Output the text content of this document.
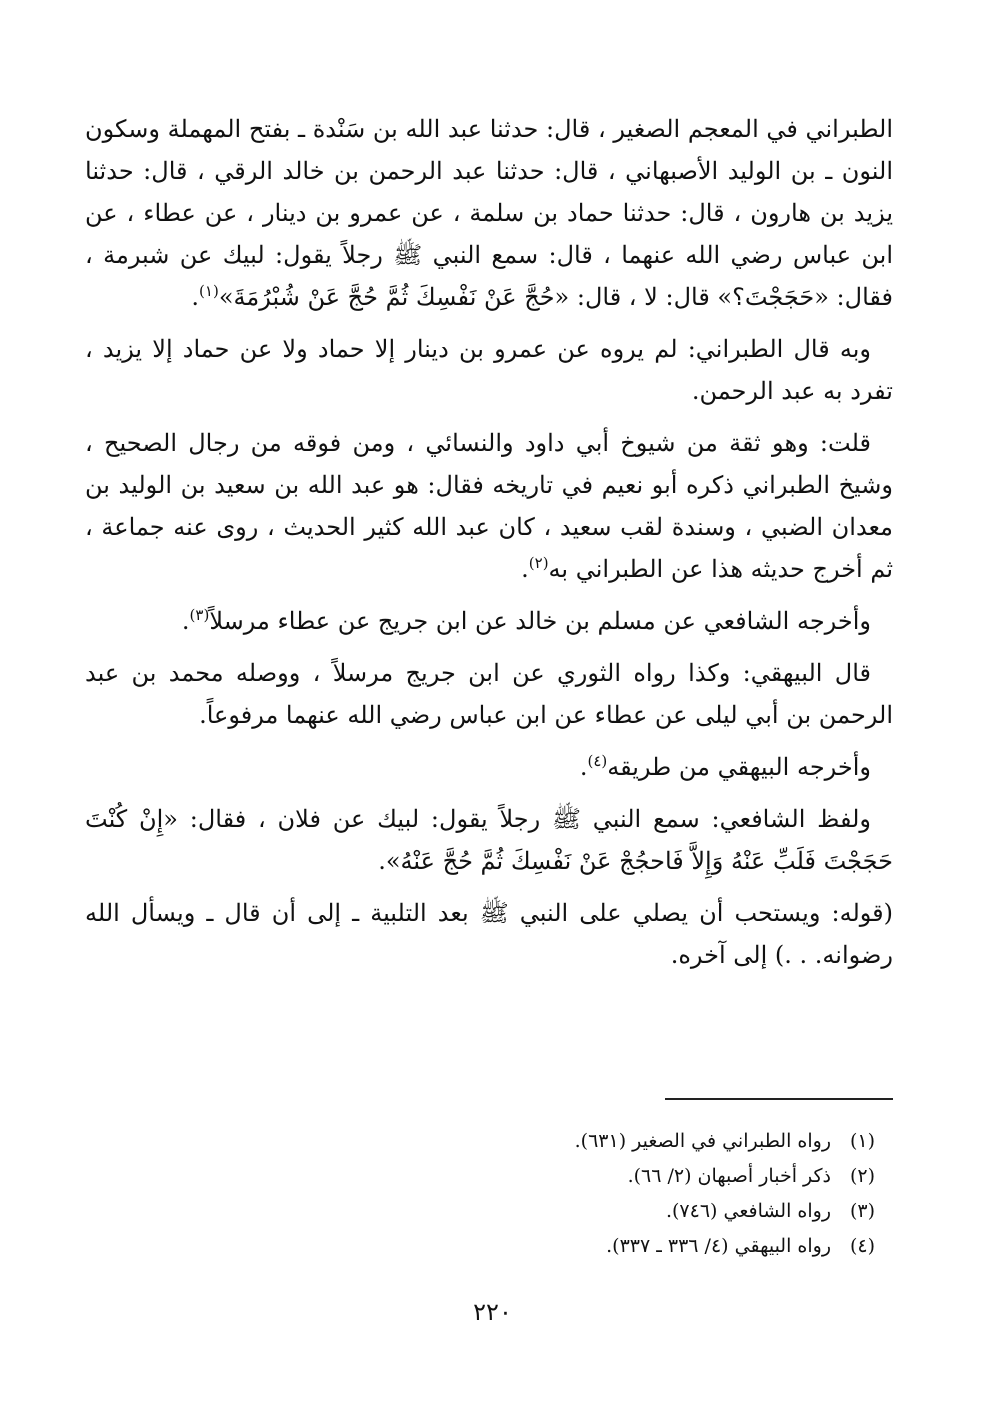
الطبراني في المعجم الصغير ، قال: حدثنا عبد الله بن سَنْدة ـ بفتح المهملة وسكون النون ـ بن الوليد الأصبهاني ، قال: حدثنا عبد الرحمن بن خالد الرقي ، قال: حدثنا يزيد بن هارون ، قال: حدثنا حماد بن سلمة ، عن عمرو بن دينار ، عن عطاء ، عن ابن عباس رضي الله عنهما ، قال: سمع النبي ﷺ رجلاً يقول: لبيك عن شبرمة ، فقال: «حَجَجْتَ؟» قال: لا ، قال: «حُجَّ عَنْ نَفْسِكَ ثُمَّ حُجَّ عَنْ شُبْرُمَةَ»$^{(١)}$.

وبه قال الطبراني: لم يروه عن عمرو بن دينار إلا حماد ولا عن حماد إلا يزيد ، تفرد به عبد الرحمن.

قلت: وهو ثقة من شيوخ أبي داود والنسائي ، ومن فوقه من رجال الصحيح ، وشيخ الطبراني ذكره أبو نعيم في تاريخه فقال: هو عبد الله بن سعيد بن الوليد بن معدان الضبي ، وسندة لقب سعيد ، كان عبد الله كثير الحديث ، روى عنه جماعة ، ثم أخرج حديثه هذا عن الطبراني به$^{(٢)}$.

وأخرجه الشافعي عن مسلم بن خالد عن ابن جريج عن عطاء مرسلاً$^{(٣)}$.

قال البيهقي: وكذا رواه الثوري عن ابن جريج مرسلاً ، ووصله محمد بن عبد الرحمن بن أبي ليلى عن عطاء عن ابن عباس رضي الله عنهما مرفوعاً.

وأخرجه البيهقي من طريقه$^{(٤)}$.

ولفظ الشافعي: سمع النبي ﷺ رجلاً يقول: لبيك عن فلان ، فقال: «إِنْ كُنْتَ حَجَجْتَ فَلَبِّ عَنْهُ وَإِلاَّ فَاحجُجْ عَنْ نَفْسِكَ ثُمَّ حُجَّ عَنْهُ».

(قوله: ويستحب أن يصلي على النبي ﷺ بعد التلبية ـ إلى أن قال ـ ويسأل الله رضوانه. . .) إلى آخره.

(١)
رواه الطبراني في الصغير (٦٣١).
(٢)
ذكر أخبار أصبهان (٢/ ٦٦).
(٣)
رواه الشافعي (٧٤٦).
(٤)
رواه البيهقي (٤/ ٣٣٦ ـ ٣٣٧).
٢٢٠
